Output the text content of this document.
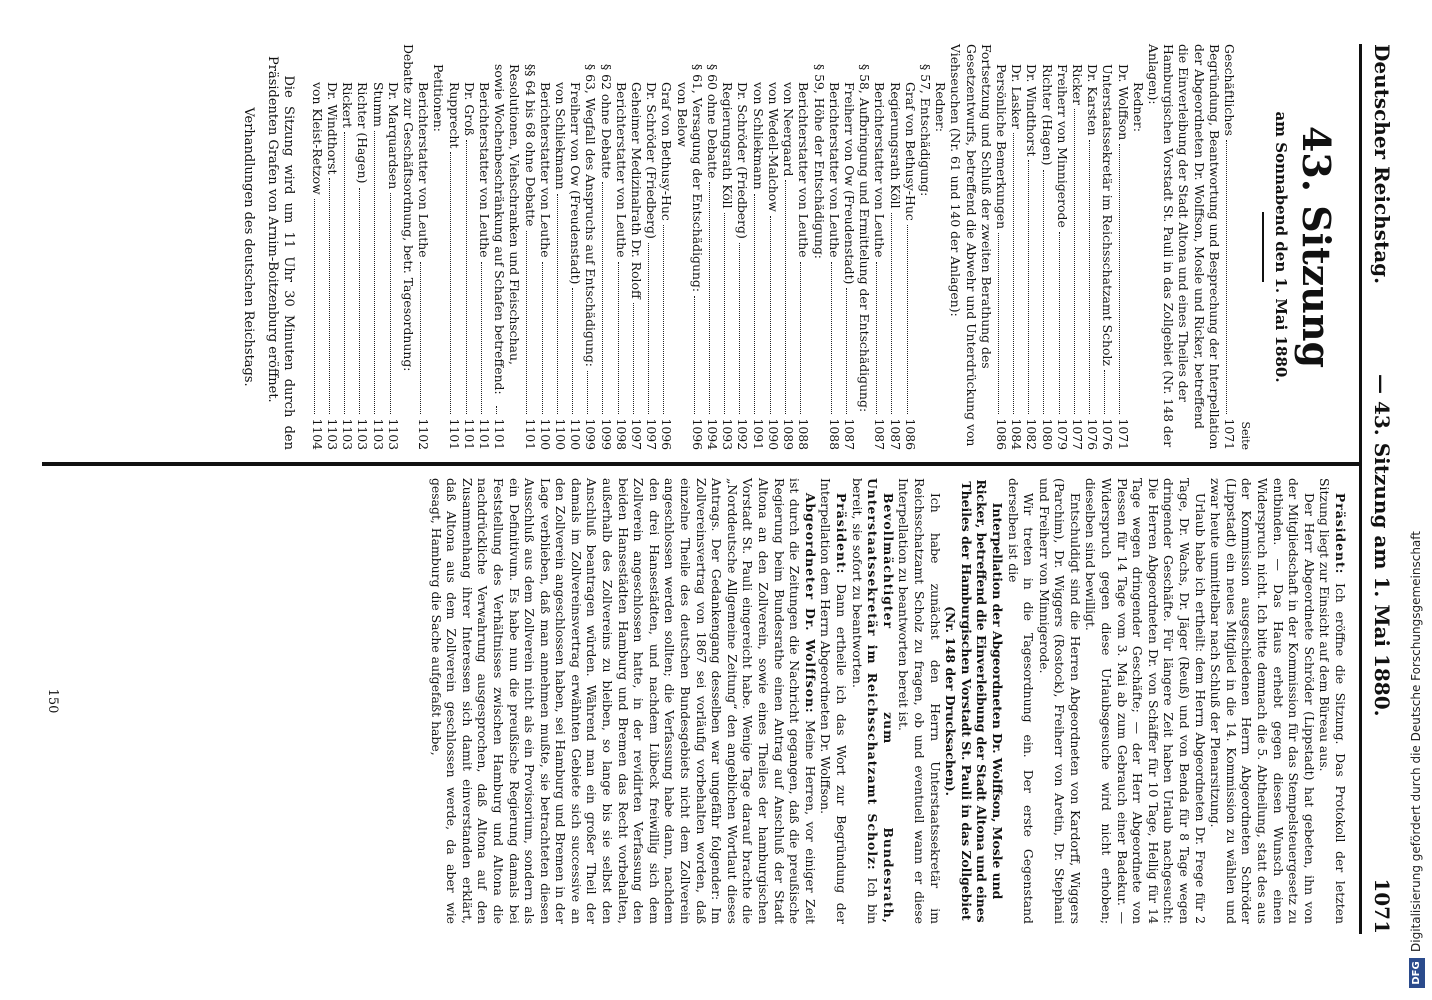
Deutscher Reichstag.
— 43. Sitzung am 1. Mai 1880.
1071
43. Sitzung
am Sonnabend den 1. Mai 1880.
Seite
Geschäftliches
1071
Begründung, Beantwortung und Besprechung der Interpellation der Abgeordneten Dr. Wolffson, Mosle und Ricker, betreffend die Einverleibung der Stadt Altona und eines Theiles der Hamburgischen Vorstadt St. Pauli in das Zollgebiet (Nr. 148 der Anlagen):
Redner:
Dr. Wolffson
1071
Unterstaatssekretär im Reichsschatzamt Scholz
1076
Dr. Karsten
1076
Ricker
1077
Freiherr von Minnigerode
1079
Richter (Hagen)
1080
Dr. Windthorst
1082
Dr. Lasker
1084
Persönliche Bemerkungen
1086
Fortsetzung und Schluß der zweiten Berathung des Gesetzentwurfs, betreffend die Abwehr und Unterdrückung von Viehseuchen (Nr. 61 und 140 der Anlagen):
Redner:
§ 57, Entschädigung:
Graf von Bethusy-Huc
1086
Regierungsrath Köll
1087
Berichterstatter von Leuthe
1087
§ 58, Aufbringung und Ermittelung der Entschädigung:
Freiherr von Ow (Freudenstadt)
1087
Berichterstatter von Leuthe
1088
§ 59, Höhe der Entschädigung:
Berichterstatter von Leuthe
1088
von Neergaard
1089
von Wedell-Malchow
1090
von Schliekmann
1091
Dr. Schröder (Friedberg)
1092
Regierungsrath Köll
1093
§ 60 ohne Debatte
1094
§ 61, Versagung der Entschädigung:
1096
von Below
Graf von Bethusy-Huc
1096
Dr. Schröder (Friedberg)
1097
Geheimer Medizinalrath Dr. Roloff
1097
Berichterstatter von Leuthe
1098
§ 62 ohne Debatte
1099
§ 63, Wegfall des Anspruchs auf Entschädigung:
1099
Freiherr von Ow (Freudenstadt)
1100
von Schliekmann
1100
Berichterstatter von Leuthe
1100
§§ 64 bis 68 ohne Debatte
1101
Resolutionen, Viehschranken und Fleischschau, sowie Wochenbeschränkung auf Schafen betreffend:
1101
Berichterstatter von Leuthe
1101
Dr. Groß
1101
Rupprecht
1101
Petitionen:
Berichterstatter von Leuthe
1102
Debatte zur Geschäftsordnung, betr. Tagesordnung:
Dr. Marquardsen
1103
Stumm
1103
Richter (Hagen)
1103
Rickert
1103
Dr. Windthorst
1103
von Kleist-Retzow
1104
Die Sitzung wird um 11 Uhr 30 Minuten durch den Präsidenten Grafen von Arnim-Boitzenburg eröffnet.
Verhandlungen des deutschen Reichstags.

Präsident: Ich eröffne die Sitzung. Das Protokoll der letzten Sitzung liegt zur Einsicht auf dem Büreau aus.

Der Herr Abgeordnete Schröder (Lippstadt) hat gebeten, ihn von der Mitgliedschaft in der Kommission für das Stempelsteuergesetz zu entbinden. — Das Haus erhebt gegen diesen Wunsch einen Widerspruch nicht. Ich bitte demnach die 5. Abtheilung, statt des aus der Kommission ausgeschiedenen Herrn Abgeordneten Schröder (Lippstadt) ein neues Mitglied in die 14. Kommission zu wählen und zwar heute unmittelbar nach Schluß der Plenarsitzung.

Urlaub habe ich ertheilt: dem Herrn Abgeordneten Dr. Frege für 2 Tage, Dr. Wachs, Dr. Jäger (Reuß) und von Benda für 8 Tage wegen dringender Geschäfte. Für längere Zeit haben Urlaub nachgesucht: Die Herren Abgeordneten Dr. von Schäffer für 10 Tage, Hellig für 14 Tage wegen dringender Geschäfte; — der Herr Abgeordnete von Plessen für 14 Tage vom 3. Mai ab zum Gebrauch einer Badekur. — Widerspruch gegen diese Urlaubsgesuche wird nicht erhoben; dieselben sind bewilligt.

Entschuldigt sind die Herren Abgeordneten von Kardorff, Wiggers (Parchim), Dr. Wiggers (Rostock), Freiherr von Aretin, Dr. Stephani und Freiherr von Minnigerode.

Wir treten in die Tagesordnung ein. Der erste Gegenstand derselben ist die

Interpellation der Abgeordneten Dr. Wolffson, Mosle und Ricker, betreffend die Einverleibung der Stadt Altona und eines Theiles der Hamburgischen Vorstadt St. Pauli in das Zollgebiet (Nr. 148 der Drucksachen).

Ich habe zunächst den Herrn Unterstaatssekretär im Reichsschatzamt Scholz zu fragen, ob und eventuell wann er diese Interpellation zu beantworten bereit ist.

Bevollmächtigter zum Bundesrath, Unterstaatssekretär im Reichsschatzamt Scholz: Ich bin bereit, sie sofort zu beantworten.

Präsident: Dann ertheile ich das Wort zur Begründung der Interpellation dem Herrn Abgeordneten Dr. Wolffson.

Abgeordneter Dr. Wolffson: Meine Herren, vor einiger Zeit ist durch die Zeitungen die Nachricht gegangen, daß die preußische Regierung beim Bundesrathe einen Antrag auf Anschluß der Stadt Altona an den Zollverein, sowie eines Theiles der hamburgischen Vorstadt St. Pauli eingereicht habe. Wenige Tage darauf brachte die „Norddeutsche Allgemeine Zeitung“ den angeblichen Wortlaut dieses Antrags. Der Gedankengang desselben war ungefähr folgender: Im Zollvereinsvertrag von 1867 sei vorläufig vorbehalten worden, daß einzelne Theile des deutschen Bundesgebiets nicht dem Zollverein angeschlossen werden sollten; die Verfassung habe dann, nachdem den drei Hansestädten, und nachdem Lübeck freiwillig sich dem Zollverein angeschlossen hatte, in der revidirten Verfassung den beiden Hansestädten Hamburg und Bremen das Recht vorbehalten, außerhalb des Zollvereins zu bleiben, so lange bis sie selbst den Anschluß beantragen würden. Während man ein großer Theil der damals im Zollvereinsvertrag erwähnten Gebiete sich successive an den Zollverein angeschlossen haben, sei Hamburg und Bremen in der Lage verblieben, daß man annehmen mußte, sie betrachteten diesen Ausschluß aus dem Zollverein nicht als ein Provisorium, sondern als ein Definitivum. Es habe nun die preußische Regierung damals bei Feststellung des Verhältnisses zwischen Hamburg und Altona die nachdrückliche Verwahrung ausgesprochen, daß Altona auf den Zusammenhang ihrer Interessen sich damit einverstanden erklärt, daß Altona aus dem Zollverein geschlossen werde, da aber wie gesagt, Hamburg die Sache aufgefaßt habe,

150
DFGDigitalisierung gefördert durch die Deutsche Forschungsgemeinschaft
